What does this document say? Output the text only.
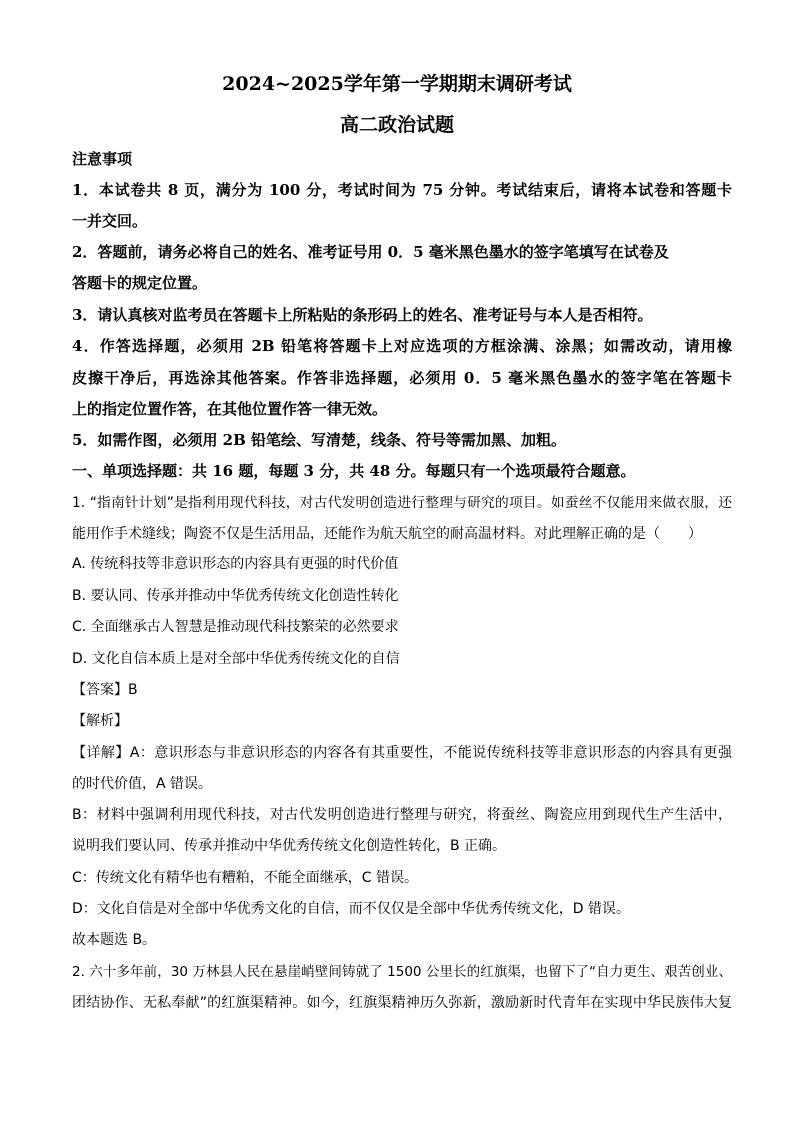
2024~2025学年第一学期期末调研考试
高二政治试题
注意事项
1．本试卷共 8 页，满分为 100 分，考试时间为 75 分钟。考试结束后，请将本试卷和答题卡
一并交回。
2．答题前，请务必将自己的姓名、准考证号用 0．5 毫米黑色墨水的签字笔填写在试卷及
答题卡的规定位置。
3．请认真核对监考员在答题卡上所粘贴的条形码上的姓名、准考证号与本人是否相符。
4．作答选择题，必须用 2B 铅笔将答题卡上对应选项的方框涂满、涂黑；如需改动，请用橡
皮擦干净后，再选涂其他答案。作答非选择题，必须用 0．5 毫米黑色墨水的签字笔在答题卡
上的指定位置作答，在其他位置作答一律无效。
5．如需作图，必须用 2B 铅笔绘、写清楚，线条、符号等需加黑、加粗。
一、单项选择题：共 16 题，每题 3 分，共 48 分。每题只有一个选项最符合题意。
1. “指南针计划”是指利用现代科技，对古代发明创造进行整理与研究的项目。如蚕丝不仅能用来做衣服，还
能用作手术缝线；陶瓷不仅是生活用品，还能作为航天航空的耐高温材料。对此理解正确的是（　　）
A. 传统科技等非意识形态的内容具有更强的时代价值
B. 要认同、传承并推动中华优秀传统文化创造性转化
C. 全面继承古人智慧是推动现代科技繁荣的必然要求
D. 文化自信本质上是对全部中华优秀传统文化的自信
【答案】B
【解析】
【详解】A：意识形态与非意识形态的内容各有其重要性，不能说传统科技等非意识形态的内容具有更强
的时代价值，A 错误。
B：材料中强调利用现代科技，对古代发明创造进行整理与研究，将蚕丝、陶瓷应用到现代生产生活中，
说明我们要认同、传承并推动中华优秀传统文化创造性转化，B 正确。
C：传统文化有精华也有糟粕，不能全面继承，C 错误。
D：文化自信是对全部中华优秀文化的自信，而不仅仅是全部中华优秀传统文化，D 错误。
故本题选 B。
2. 六十多年前，30 万林县人民在悬崖峭壁间铸就了 1500 公里长的红旗渠，也留下了“自力更生、艰苦创业、
团结协作、无私奉献”的红旗渠精神。如今，红旗渠精神历久弥新，激励新时代青年在实现中华民族伟大复
